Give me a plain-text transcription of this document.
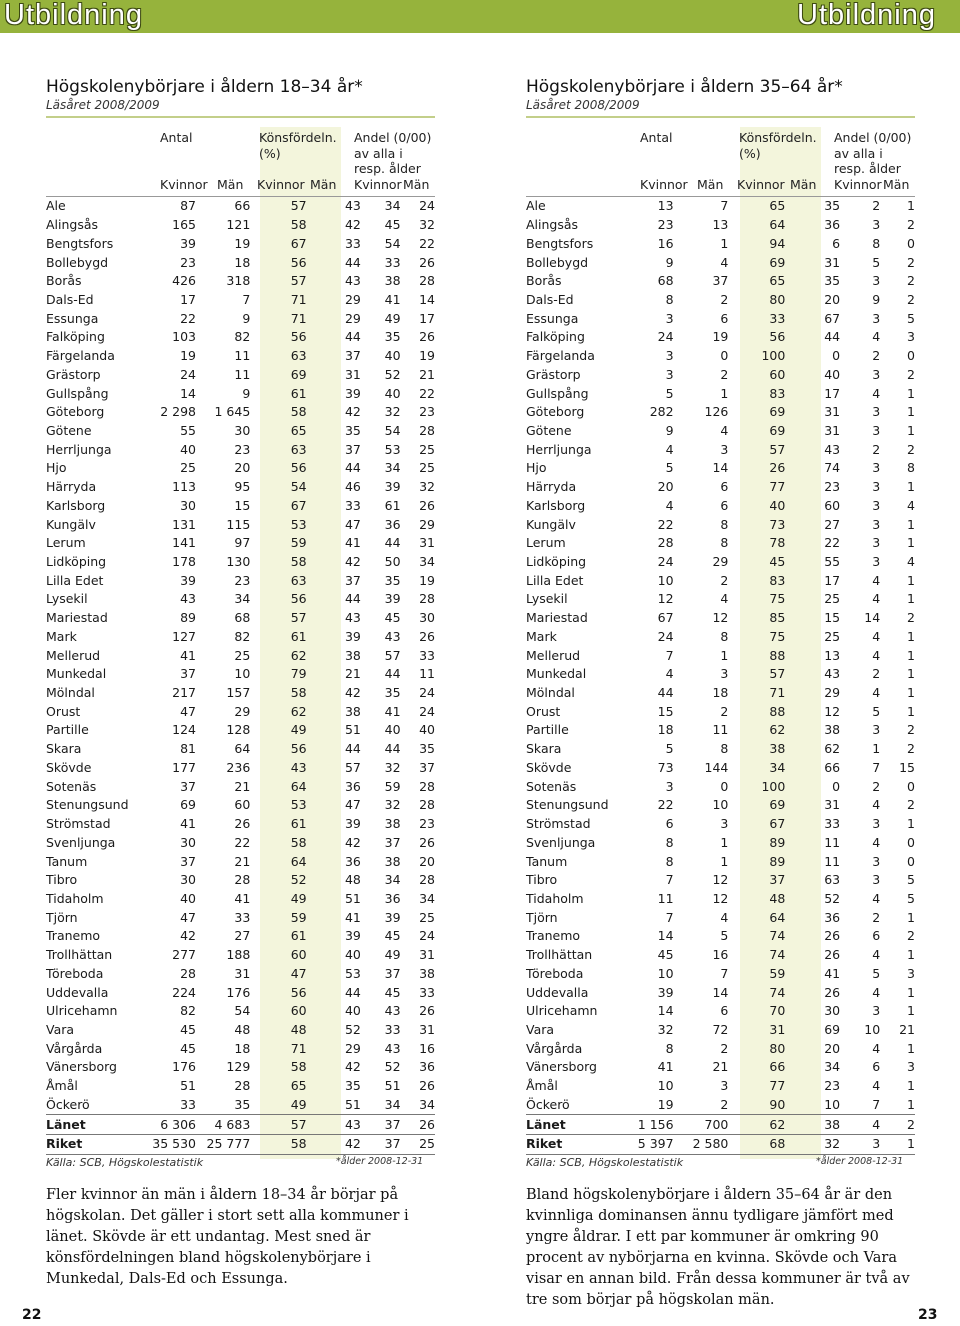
Utbildning	Utbildning
Högskolenybörjare i åldern 18–34 år*
Läsåret 2008/2009
Högskolenybörjare i åldern 35–64 år*
Läsåret 2008/2009
Antal	Könsfördeln.
(%)
Andel (0/00)
av alla i
resp. ålder
Kvinnor Män Kvinnor Män Kvinnor Män
Ale	87	66	57	43	34	24
Alingsås	165	121	58	42	45	32
Bengtsfors	39	19	67	33	54	22
Bollebygd	23	18	56	44	33	26
Borås	426	318	57	43	38	28
Dals-Ed	17	7	71	29	41	14
Essunga	22	9	71	29	49	17
Falköping	103	82	56	44	35	26
Färgelanda	19	11	63	37	40	19
Grästorp	24	11	69	31	52	21
Gullspång	14	9	61	39	40	22
Göteborg	2 298	1 645	58	42	32	23
Götene	55	30	65	35	54	28
Herrljunga	40	23	63	37	53	25
Hjo	25	20	56	44	34	25
Härryda	113	95	54	46	39	32
Karlsborg	30	15	67	33	61	26
Kungälv	131	115	53	47	36	29
Lerum	141	97	59	41	44	31
Lidköping	178	130	58	42	50	34
Lilla Edet	39	23	63	37	35	19
Lysekil	43	34	56	44	39	28
Mariestad	89	68	57	43	45	30
Mark	127	82	61	39	43	26
Mellerud	41	25	62	38	57	33
Munkedal	37	10	79	21	44	11
Mölndal	217	157	58	42	35	24
Orust	47	29	62	38	41	24
Partille	124	128	49	51	40	40
Skara	81	64	56	44	44	35
Skövde	177	236	43	57	32	37
Sotenäs	37	21	64	36	59	28
Stenungsund	69	60	53	47	32	28
Strömstad	41	26	61	39	38	23
Svenljunga	30	22	58	42	37	26
Tanum	37	21	64	36	38	20
Tibro	30	28	52	48	34	28
Tidaholm	40	41	49	51	36	34
Tjörn	47	33	59	41	39	25
Tranemo	42	27	61	39	45	24
Trollhättan	277	188	60	40	49	31
Töreboda	28	31	47	53	37	38
Uddevalla	224	176	56	44	45	33
Ulricehamn	82	54	60	40	43	26
Vara	45	48	48	52	33	31
Vårgårda	45	18	71	29	43	16
Vänersborg	176	129	58	42	52	36
Åmål	51	28	65	35	51	26
Öckerö	33	35	49	51	34	34
Länet	6 306	4 683	57	43	37	26
Riket	35 530	25 777	58	42	37	25
Källa: SCB, Högskolestatistik	*ålder 2008-12-31
Fler kvinnor än män i åldern 18–34 år börjar på högskolan. Det gäller i stort sett alla kommuner i länet. Skövde är ett undantag. Mest sned är könsfördelningen bland högskolenybörjare i Munkedal, Dals-Ed och Essunga.
Antal	Könsfördeln.
(%)
Andel (0/00)
av alla i
resp. ålder
Kvinnor Män Kvinnor Män Kvinnor Män
Ale	13	7	65	35	2	1
Alingsås	23	13	64	36	3	2
Bengtsfors	16	1	94	6	8	0
Bollebygd	9	4	69	31	5	2
Borås	68	37	65	35	3	2
Dals-Ed	8	2	80	20	9	2
Essunga	3	6	33	67	3	5
Falköping	24	19	56	44	4	3
Färgelanda	3	0	100	0	2	0
Grästorp	3	2	60	40	3	2
Gullspång	5	1	83	17	4	1
Göteborg	282	126	69	31	3	1
Götene	9	4	69	31	3	1
Herrljunga	4	3	57	43	2	2
Hjo	5	14	26	74	3	8
Härryda	20	6	77	23	3	1
Karlsborg	4	6	40	60	3	4
Kungälv	22	8	73	27	3	1
Lerum	28	8	78	22	3	1
Lidköping	24	29	45	55	3	4
Lilla Edet	10	2	83	17	4	1
Lysekil	12	4	75	25	4	1
Mariestad	67	12	85	15	14	2
Mark	24	8	75	25	4	1
Mellerud	7	1	88	13	4	1
Munkedal	4	3	57	43	2	1
Mölndal	44	18	71	29	4	1
Orust	15	2	88	12	5	1
Partille	18	11	62	38	3	2
Skara	5	8	38	62	1	2
Skövde	73	144	34	66	7	15
Sotenäs	3	0	100	0	2	0
Stenungsund	22	10	69	31	4	2
Strömstad	6	3	67	33	3	1
Svenljunga	8	1	89	11	4	0
Tanum	8	1	89	11	3	0
Tibro	7	12	37	63	3	5
Tidaholm	11	12	48	52	4	5
Tjörn	7	4	64	36	2	1
Tranemo	14	5	74	26	6	2
Trollhättan	45	16	74	26	4	1
Töreboda	10	7	59	41	5	3
Uddevalla	39	14	74	26	4	1
Ulricehamn	14	6	70	30	3	1
Vara	32	72	31	69	10	21
Vårgårda	8	2	80	20	4	1
Vänersborg	41	21	66	34	6	3
Åmål	10	3	77	23	4	1
Öckerö	19	2	90	10	7	1
Länet	1 156	700	62	38	4	2
Riket	5 397	2 580	68	32	3	1
Källa: SCB, Högskolestatistik	*ålder 2008-12-31
Bland högskolenybörjare i åldern 35–64 år är den kvinnliga dominansen ännu tydligare jämfört med yngre åldrar. I ett par kommuner är omkring 90 procent av nybörjarna en kvinna. Skövde och Vara visar en annan bild. Från dessa kommuner är två av tre som börjar på högskolan män.
22	23
